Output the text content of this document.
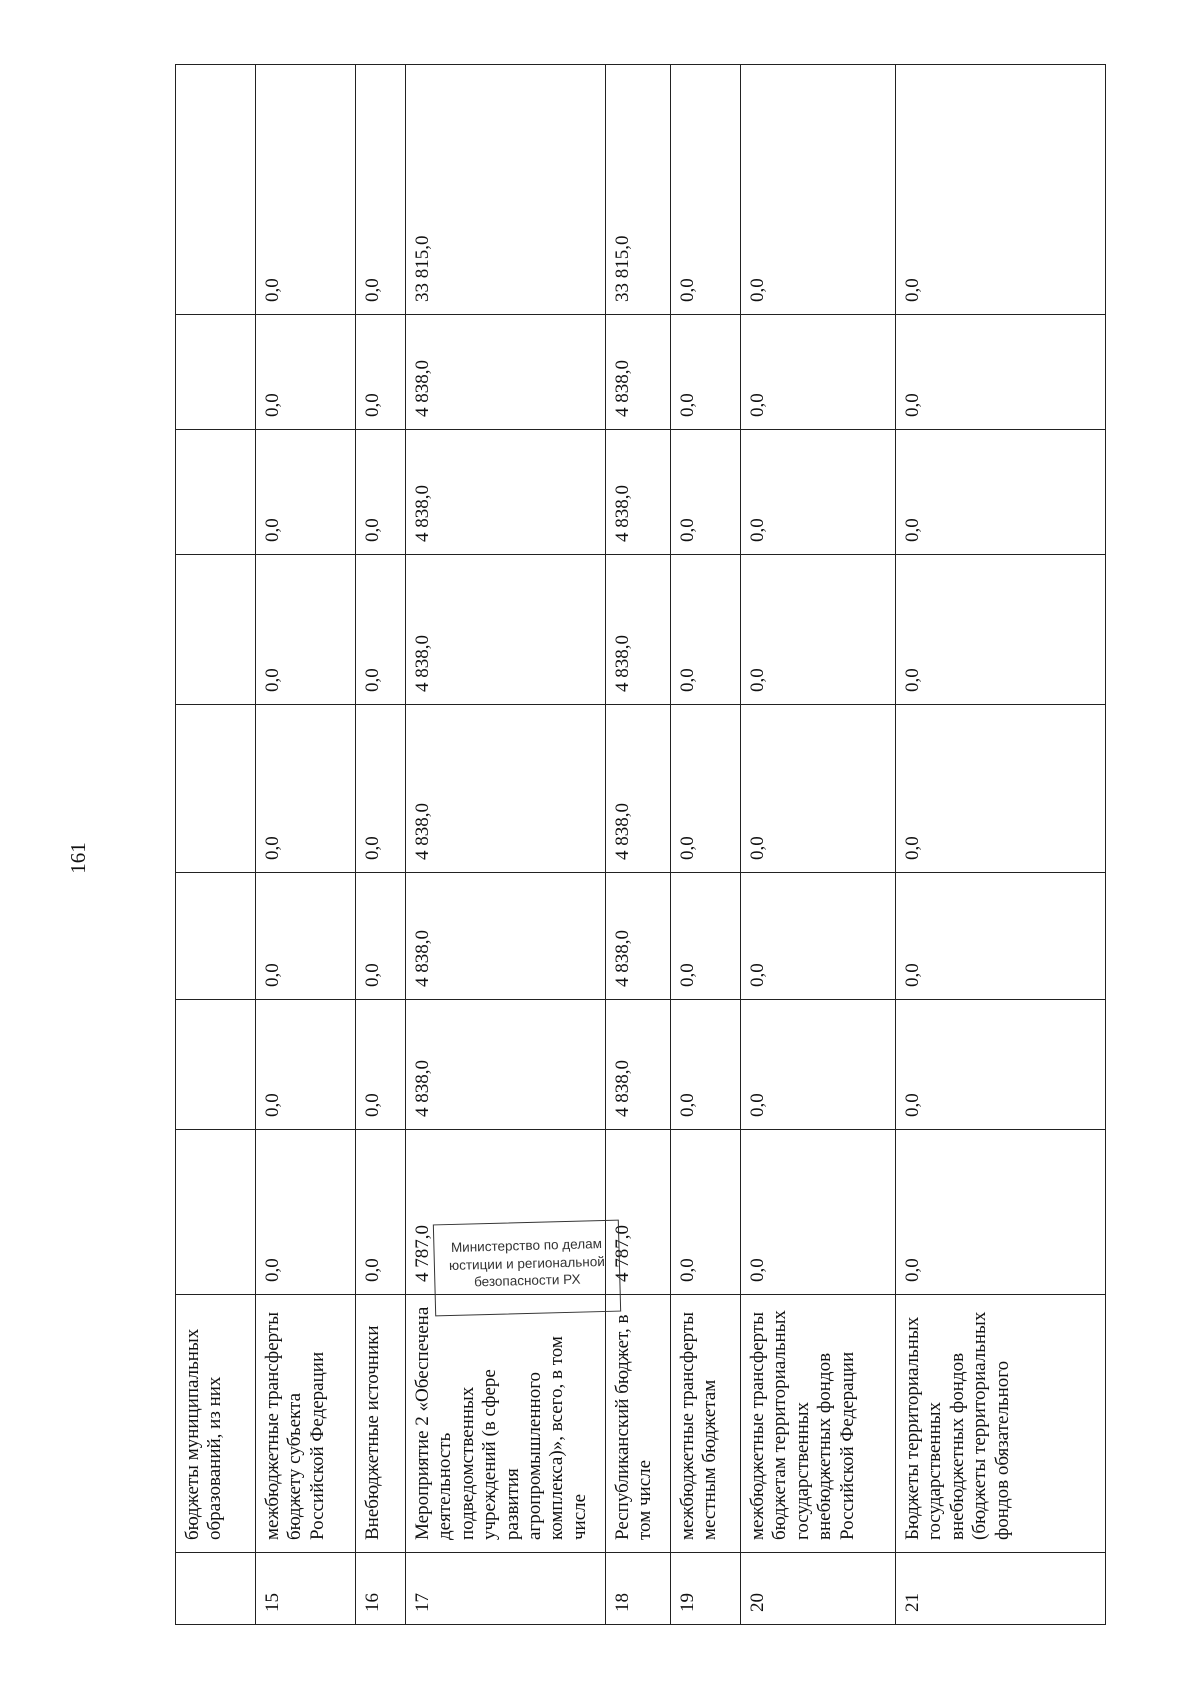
161
	бюджеты муниципальных образований, из них								
15	межбюджетные трансферты бюджету субъекта Российской Федерации	0,0	0,0	0,0	0,0	0,0	0,0	0,0	0,0
16	Внебюджетные источники	0,0	0,0	0,0	0,0	0,0	0,0	0,0	0,0
17	Мероприятие 2 «Обеспечена деятельность подведомственных учреждений (в сфере развития агропромышленного комплекса)», всего, в том числе	4 787,0	4 838,0	4 838,0	4 838,0	4 838,0	4 838,0	4 838,0	33 815,0
18	Республиканский бюджет, в том числе	4 787,0	4 838,0	4 838,0	4 838,0	4 838,0	4 838,0	4 838,0	33 815,0
19	межбюджетные трансферты местным бюджетам	0,0	0,0	0,0	0,0	0,0	0,0	0,0	0,0
20	межбюджетные трансферты бюджетам территориальных государственных внебюджетных фондов Российской Федерации	0,0	0,0	0,0	0,0	0,0	0,0	0,0	0,0
21	Бюджеты территориальных государственных внебюджетных фондов (бюджеты территориальных фондов обязательного	0,0	0,0	0,0	0,0	0,0	0,0	0,0	0,0
Министерство по делам
юстиции и региональной
безопасности РХ
